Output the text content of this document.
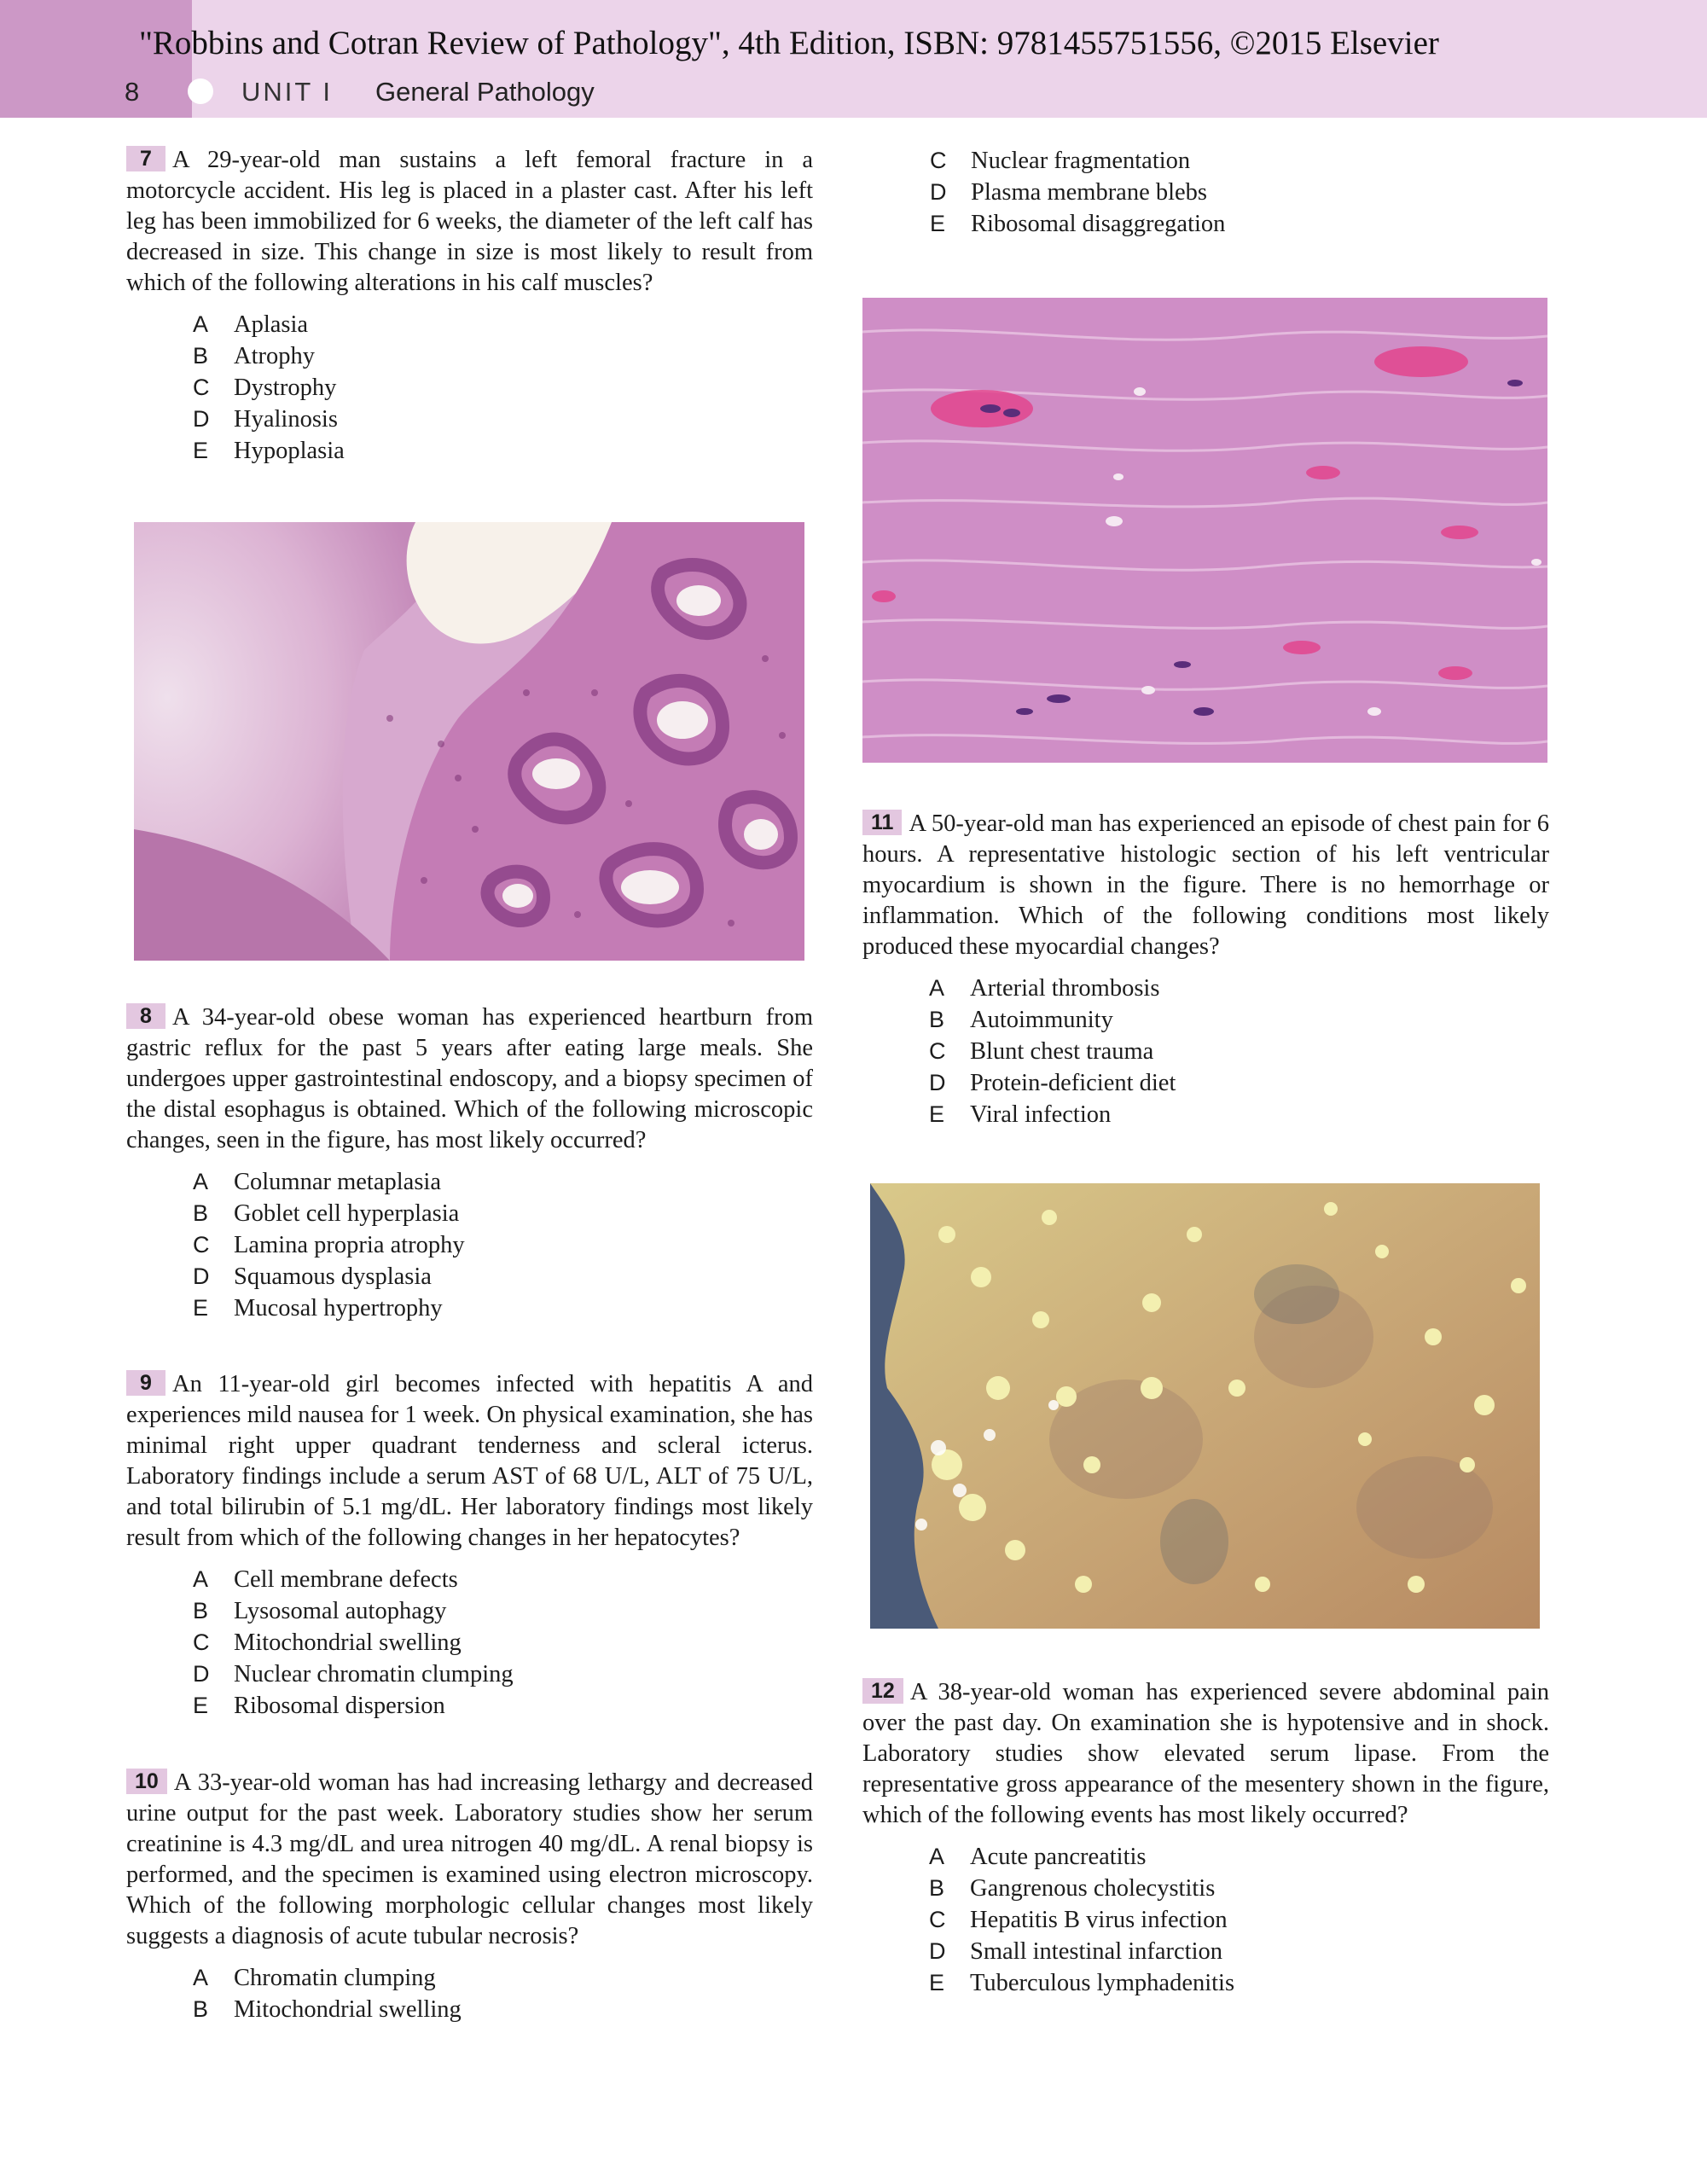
"Robbins and Cotran Review of Pathology", 4th Edition, ISBN: 9781455751556, ©2015 Elsevier
8	UNIT I General Pathology

7 A 29-year-old man sustains a left femoral fracture in a motorcycle accident. His leg is placed in a plaster cast. After his left leg has been immobilized for 6 weeks, the diameter of the left calf has decreased in size. This change in size is most likely to result from which of the following alterations in his calf muscles?

A Aplasia
B Atrophy
C Dystrophy
D Hyalinosis
E Hypoplasia

8 A 34-year-old obese woman has experienced heartburn from gastric reflux for the past 5 years after eating large meals. She undergoes upper gastrointestinal endoscopy, and a biopsy specimen of the distal esophagus is obtained. Which of the following microscopic changes, seen in the figure, has most likely occurred?

A Columnar metaplasia
B Goblet cell hyperplasia
C Lamina propria atrophy
D Squamous dysplasia
E Mucosal hypertrophy

9 An 11-year-old girl becomes infected with hepatitis A and experiences mild nausea for 1 week. On physical examination, she has minimal right upper quadrant tenderness and scleral icterus. Laboratory findings include a serum AST of 68 U/L, ALT of 75 U/L, and total bilirubin of 5.1 mg/dL. Her laboratory findings most likely result from which of the following changes in her hepatocytes?

A Cell membrane defects
B Lysosomal autophagy
C Mitochondrial swelling
D Nuclear chromatin clumping
E Ribosomal dispersion

10 A 33-year-old woman has had increasing lethargy and decreased urine output for the past week. Laboratory studies show her serum creatinine is 4.3 mg/dL and urea nitrogen 40 mg/dL. A renal biopsy is performed, and the specimen is examined using electron microscopy. Which of the following morphologic cellular changes most likely suggests a diagnosis of acute tubular necrosis?

A Chromatin clumping
B Mitochondrial swelling
C Nuclear fragmentation
D Plasma membrane blebs
E Ribosomal disaggregation

11 A 50-year-old man has experienced an episode of chest pain for 6 hours. A representative histologic section of his left ventricular myocardium is shown in the figure. There is no hemorrhage or inflammation. Which of the following conditions most likely produced these myocardial changes?

A Arterial thrombosis
B Autoimmunity
C Blunt chest trauma
D Protein-deficient diet
E Viral infection

12 A 38-year-old woman has experienced severe abdominal pain over the past day. On examination she is hypotensive and in shock. Laboratory studies show elevated serum lipase. From the representative gross appearance of the mesentery shown in the figure, which of the following events has most likely occurred?

A Acute pancreatitis
B Gangrenous cholecystitis
C Hepatitis B virus infection
D Small intestinal infarction
E Tuberculous lymphadenitis
